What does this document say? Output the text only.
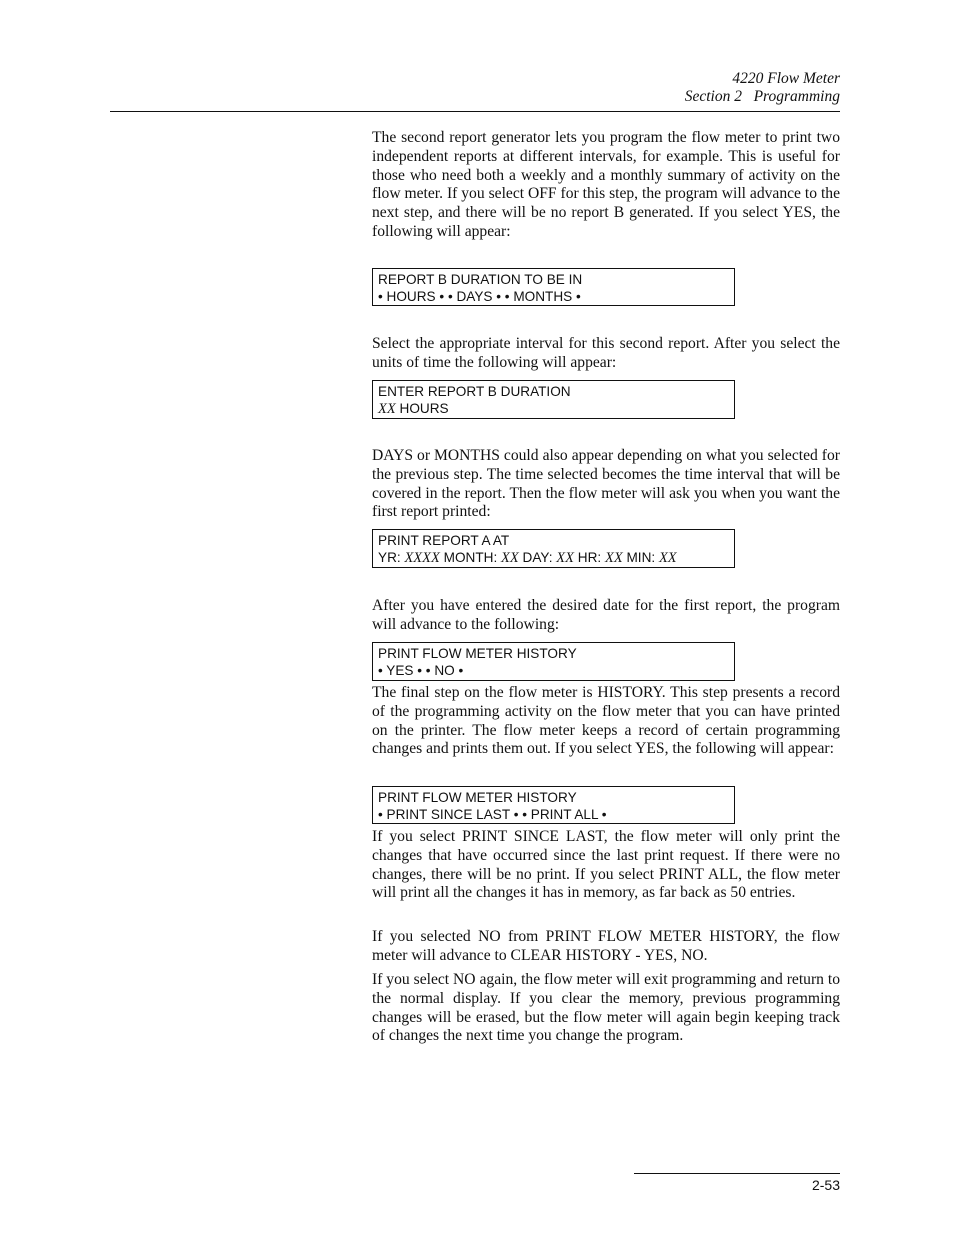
4220 Flow Meter
Section 2   Programming

The second report generator lets you program the flow meter to print two independent reports at different intervals, for example. This is useful for those who need both a weekly and a monthly summary of activity on the flow meter. If you select OFF for this step, the program will advance to the next step, and there will be no report B generated. If you select YES, the following will appear:

REPORT B DURATION TO BE IN
• HOURS • • DAYS • • MONTHS •

Select the appropriate interval for this second report. After you select the units of time the following will appear:

ENTER REPORT B DURATION
XX HOURS

DAYS or MONTHS could also appear depending on what you selected for the previous step. The time selected becomes the time interval that will be covered in the report. Then the flow meter will ask you when you want the first report printed:

PRINT REPORT A AT
YR: XXXX MONTH: XX DAY: XX HR: XX MIN: XX

After you have entered the desired date for the first report, the program will advance to the following:

PRINT FLOW METER HISTORY
• YES • • NO •

The final step on the flow meter is HISTORY. This step presents a record of the programming activity on the flow meter that you can have printed on the printer. The flow meter keeps a record of certain programming changes and prints them out. If you select YES, the following will appear:

PRINT FLOW METER HISTORY
• PRINT SINCE LAST • • PRINT ALL •

If you select PRINT SINCE LAST, the flow meter will only print the changes that have occurred since the last print request. If there were no changes, there will be no print. If you select PRINT ALL, the flow meter will print all the changes it has in memory, as far back as 50 entries.

If you selected NO from PRINT FLOW METER HISTORY, the flow meter will advance to CLEAR HISTORY - YES, NO.

If you select NO again, the flow meter will exit programming and return to the normal display. If you clear the memory, previous programming changes will be erased, but the flow meter will again begin keeping track of changes the next time you change the program.

2-53
